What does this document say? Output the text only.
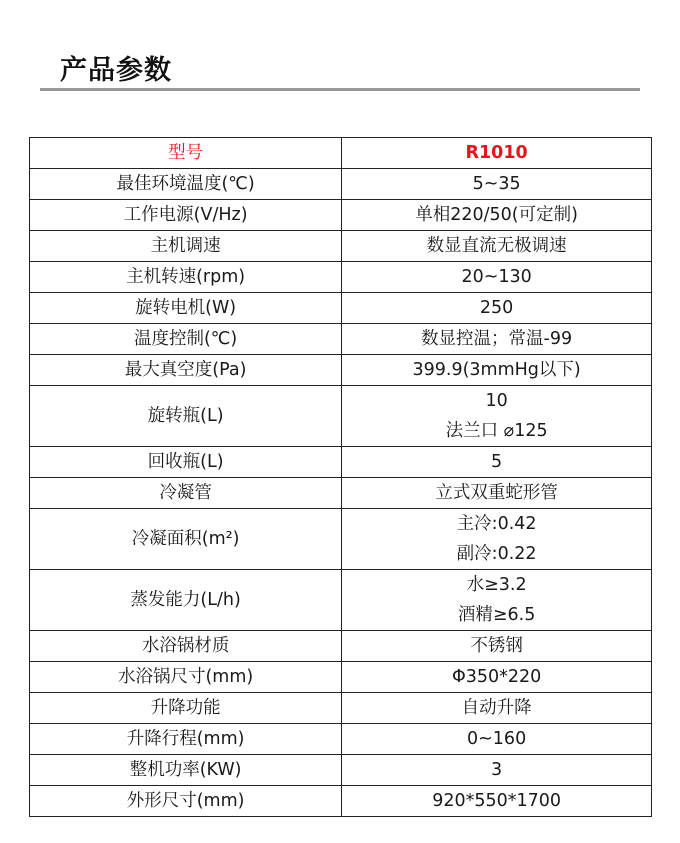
产品参数
型号	R1010
最佳环境温度(℃)	5~35

工作电源(V/Hz)	单相220/50(可定制)

主机调速	数显直流无极调速

主机转速(rpm)	20~130

旋转电机(W)	250

温度控制(℃)	数显控温；常温-99

最大真空度(Pa)	399.9(3mmHg以下)

旋转瓶(L)	10
法兰口 ⌀125

回收瓶(L)	5

冷凝管	立式双重蛇形管

冷凝面积(m²)	主冷:0.42
副冷:0.22

蒸发能力(L/h)	水≥3.2
酒精≥6.5

水浴锅材质	不锈钢

水浴锅尺寸(mm)	Φ350*220

升降功能	自动升降

升降行程(mm)	0~160

整机功率(KW)	3

外形尺寸(mm)	920*550*1700
